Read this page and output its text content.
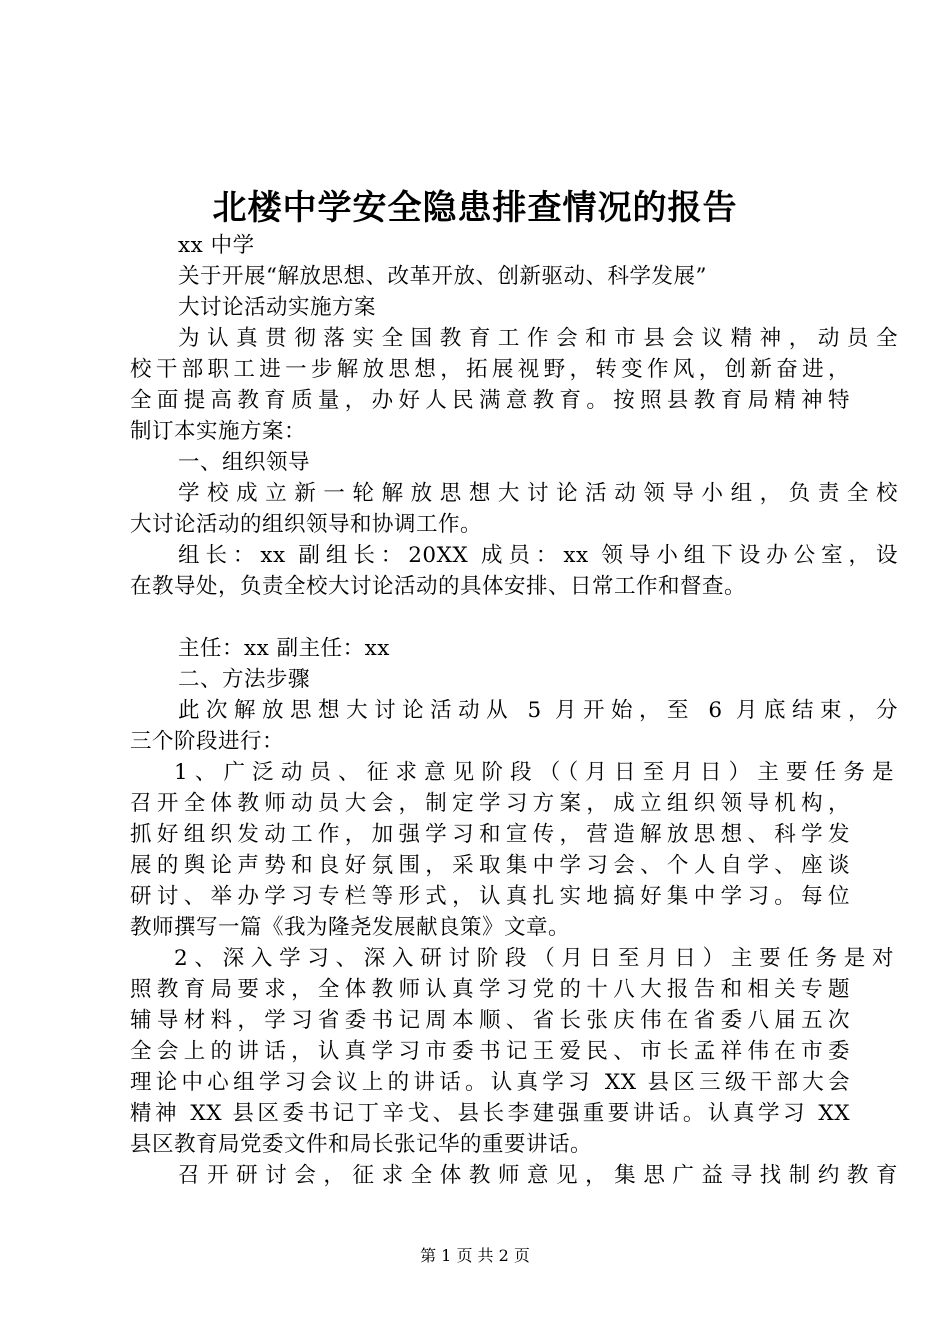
北楼中学安全隐患排查情况的报告
xx 中学
关于开展“解放思想、改革开放、创新驱动、科学发展”
大讨论活动实施方案
为认真贯彻落实全国教育工作会和市县会议精神，动员全
校干部职工进一步解放思想，拓展视野，转变作风，创新奋进，
全面提高教育质量，办好人民满意教育。按照县教育局精神特
制订本实施方案：
一、组织领导
学校成立新一轮解放思想大讨论活动领导小组，负责全校
大讨论活动的组织领导和协调工作。
组长：xx 副组长：20XX 成员：xx 领导小组下设办公室，设
在教导处，负责全校大讨论活动的具体安排、日常工作和督查。
主任：xx 副主任：xx
二、方法步骤
此次解放思想大讨论活动从 5 月开始，至 6 月底结束，分
三个阶段进行：
1、广泛动员、征求意见阶段（（月日至月日）主要任务是
召开全体教师动员大会，制定学习方案，成立组织领导机构，
抓好组织发动工作，加强学习和宣传，营造解放思想、科学发
展的舆论声势和良好氛围，采取集中学习会、个人自学、座谈
研讨、举办学习专栏等形式，认真扎实地搞好集中学习。每位
教师撰写一篇《我为隆尧发展献良策》文章。
2、深入学习、深入研讨阶段（月日至月日）主要任务是对
照教育局要求，全体教师认真学习党的十八大报告和相关专题
辅导材料，学习省委书记周本顺、省长张庆伟在省委八届五次
全会上的讲话，认真学习市委书记王爱民、市长孟祥伟在市委
理论中心组学习会议上的讲话。认真学习 XX 县区三级干部大会
精神 XX 县区委书记丁辛戈、县长李建强重要讲话。认真学习 XX
县区教育局党委文件和局长张记华的重要讲话。
召开研讨会，征求全体教师意见，集思广益寻找制约教育
第 1 页 共 2 页
